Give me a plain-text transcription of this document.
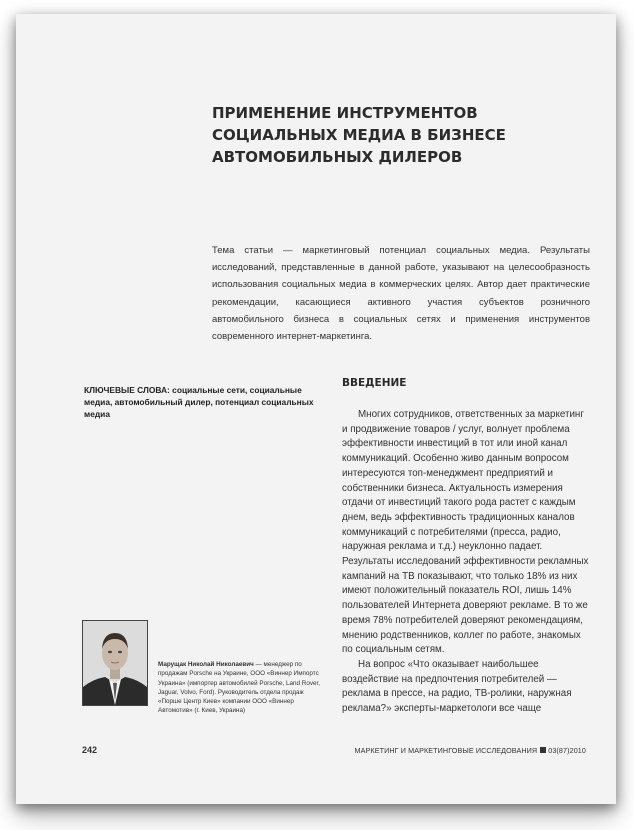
ПРИМЕНЕНИЕ ИНСТРУМЕНТОВ СОЦИАЛЬНЫХ МЕДИА В БИЗНЕСЕ АВТОМОБИЛЬНЫХ ДИЛЕРОВ

Тема статьи — маркетинговый потенциал социальных медиа. Результаты исследований, представленные в данной работе, указывают на целесообразность использования социальных медиа в коммерческих целях. Автор дает практические рекомендации, касающиеся активного участия субъектов розничного автомобильного бизнеса в социальных сетях и применения инструментов современного интернет-маркетинга.

КЛЮЧЕВЫЕ СЛОВА: социальные сети, социальные медиа, автомобильный дилер, потенциал социальных медиа
ВВЕДЕНИЕ

Многих сотрудников, ответственных за маркетинг и продвижение товаров / услуг, волнует проблема эффективности инвестиций в тот или иной канал коммуникаций. Особенно живо данным вопросом интересуются топ-менеджмент предприятий и собственники бизнеса. Актуальность измерения отдачи от инвестиций такого рода растет с каждым днем, ведь эффективность традиционных каналов коммуникаций с потребителями (пресса, радио, наружная реклама и т.д.) неуклонно падает. Результаты исследований эффективности рекламных кампаний на ТВ показывают, что только 18% из них имеют положительный показатель ROI, лишь 14% пользователей Интернета доверяют рекламе. В то же время 78% потребителей доверяют рекомендациям, мнению родственников, коллег по работе, знакомых по социальным сетям.

На вопрос «Что оказывает наибольшее воздействие на предпочтения потребителей — реклама в прессе, на радио, ТВ-ролики, наружная реклама?» эксперты-маркетологи все чаще

Марущак Николай Николаевич — менеджер по продажам Porsche на Украине, ООО «Виннер Импортс Украина» (импортер автомобилей Porsche, Land Rover, Jaguar, Volvo, Ford). Руководитель отдела продаж «Порше Центр Киев» компании ООО «Виннер Автомотив» (г. Киев, Украина)
242	МАРКЕТИНГ И МАРКЕТИНГОВЫЕ ИССЛЕДОВАНИЯ 03(87)2010
